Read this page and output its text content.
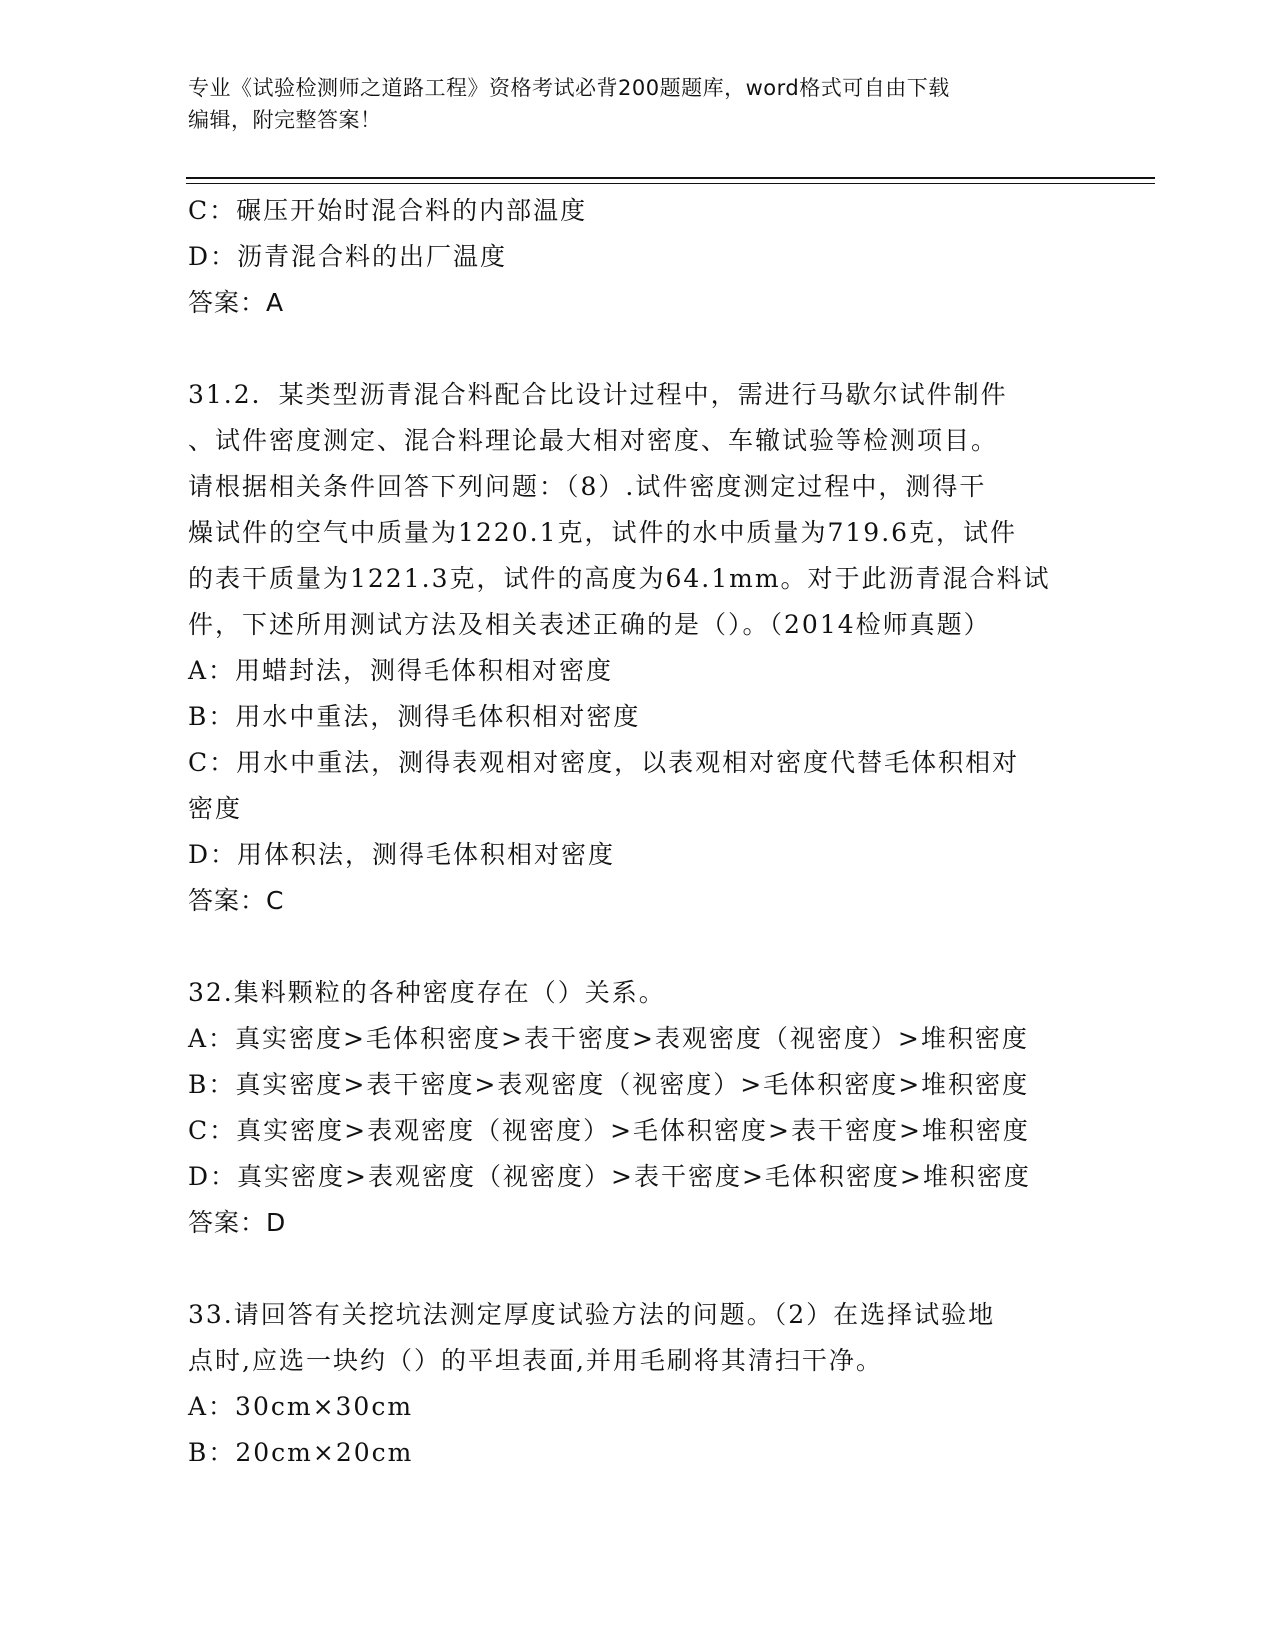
专业《试验检测师之道路工程》资格考试必背200题题库，word格式可自由下载
编辑，附完整答案！
C：碾压开始时混合料的内部温度
D：沥青混合料的出厂温度
答案：A
31.2．某类型沥青混合料配合比设计过程中，需进行马歇尔试件制件
、试件密度测定、混合料理论最大相对密度、车辙试验等检测项目。
请根据相关条件回答下列问题：（8）.试件密度测定过程中，测得干
燥试件的空气中质量为1220.1克，试件的水中质量为719.6克，试件
的表干质量为1221.3克，试件的高度为64.1mm。对于此沥青混合料试
件，下述所用测试方法及相关表述正确的是（）。（2014检师真题）
A：用蜡封法，测得毛体积相对密度
B：用水中重法，测得毛体积相对密度
C：用水中重法，测得表观相对密度，以表观相对密度代替毛体积相对
密度
D：用体积法，测得毛体积相对密度
答案：C
32.集料颗粒的各种密度存在（）关系。
A：真实密度>毛体积密度>表干密度>表观密度（视密度）>堆积密度
B：真实密度>表干密度>表观密度（视密度）>毛体积密度>堆积密度
C：真实密度>表观密度（视密度）>毛体积密度>表干密度>堆积密度
D：真实密度>表观密度（视密度）>表干密度>毛体积密度>堆积密度
答案：D
33.请回答有关挖坑法测定厚度试验方法的问题。（2）在选择试验地
点时,应选一块约（）的平坦表面,并用毛刷将其清扫干净。
A：30cm×30cm
B：20cm×20cm
